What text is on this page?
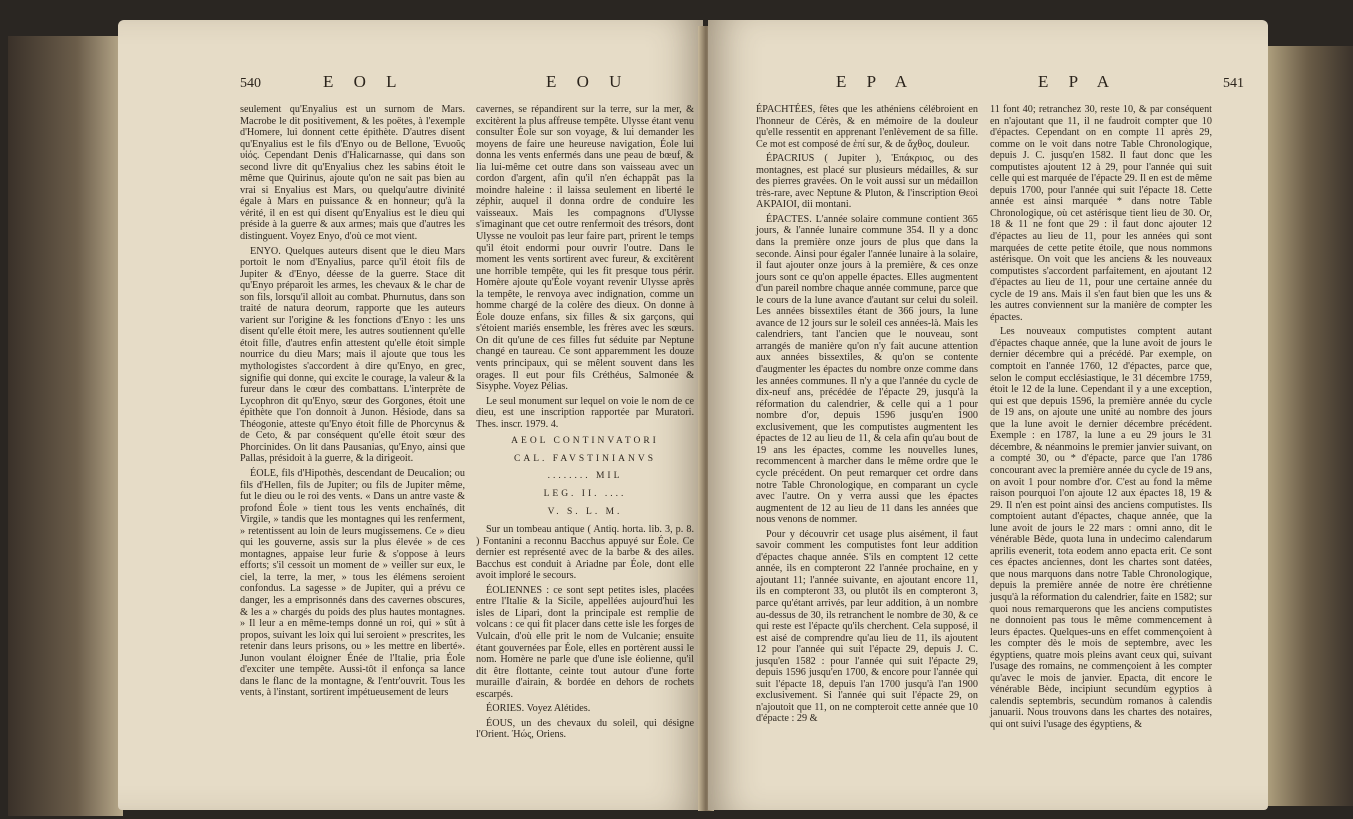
540	E O L	E O U

seulement qu'Enyalius est un surnom de Mars. Macrobe le dit positivement, & les poëtes, à l'exemple d'Homere, lui donnent cette épithète. D'autres disent qu'Enyalius est le fils d'Enyo ou de Bellone, Ἐνυοῦς υἱός. Cependant Denis d'Halicarnasse, qui dans son second livre dit qu'Enyalius chez les sabins étoit le même que Quirinus, ajoute qu'on ne sait pas bien au vrai si Enyalius est Mars, ou quelqu'autre divinité égale à Mars en puissance & en honneur; qu'à la vérité, il en est qui disent qu'Enyalius est le dieu qui préside à la guerre & aux armes; mais que d'autres les distinguent. Voyez Enyo, d'où ce mot vient.

ENYO. Quelques auteurs disent que le dieu Mars portoit le nom d'Enyalius, parce qu'il étoit fils de Jupiter & d'Enyo, déesse de la guerre. Stace dit qu'Enyo préparoit les armes, les chevaux & le char de son fils, lorsqu'il alloit au combat. Phurnutus, dans son traité de natura deorum, rapporte que les auteurs varient sur l'origine & les fonctions d'Enyo : les uns disent qu'elle étoit mere, les autres soutiennent qu'elle étoit fille, d'autres enfin attestent qu'elle étoit simple nourrice du dieu Mars; mais il ajoute que tous les mythologistes s'accordent à dire qu'Enyo, en grec, signifie qui donne, qui excite le courage, la valeur & la fureur dans le cœur des combattans. L'interprète de Lycophron dit qu'Enyo, sœur des Gorgones, étoit une épithète que l'on donnoit à Junon. Hésiode, dans sa Théogonie, atteste qu'Enyo étoit fille de Phorcynus & de Ceto, & par conséquent qu'elle étoit sœur des Phorcinides. On lit dans Pausanias, qu'Enyo, ainsi que Pallas, présidoit à la guerre, & la dirigeoit.

ÉOLE, fils d'Hipothès, descendant de Deucalion; ou fils d'Hellen, fils de Jupiter; ou fils de Jupiter même, fut le dieu ou le roi des vents. « Dans un antre vaste & profond Éole » tient tous les vents enchaînés, dit Virgile, » tandis que les montagnes qui les renferment, » retentissent au loin de leurs mugissemens. Ce » dieu qui les gouverne, assis sur la plus élevée » de ces montagnes, appaise leur furie & s'oppose à leurs efforts; s'il cessoit un moment de » veiller sur eux, le ciel, la terre, la mer, » tous les élémens seroient confondus. La sagesse » de Jupiter, qui a prévu ce danger, les a emprisonnés dans des cavernes obscures, & les a » chargés du poids des plus hautes montagnes. » Il leur a en même-temps donné un roi, qui » sût à propos, suivant les loix qui lui seroient » prescrites, les retenir dans leurs prisons, ou » les mettre en liberté». Junon voulant éloigner Énée de l'Italie, pria Éole d'exciter une tempête. Aussi-tôt il enfonça sa lance dans le flanc de la montagne, & l'entr'ouvrit. Tous les vents, à l'instant, sortirent impétueusement de leurs

cavernes, se répandirent sur la terre, sur la mer, & excitèrent la plus affreuse tempête. Ulysse étant venu consulter Éole sur son voyage, & lui demander les moyens de faire une heureuse navigation, Éole lui donna les vents enfermés dans une peau de bœuf, & lia lui-même cet outre dans son vaisseau avec un cordon d'argent, afin qu'il n'en échappât pas la moindre haleine : il laissa seulement en liberté le zéphir, auquel il donna ordre de conduire les vaisseaux. Mais les compagnons d'Ulysse s'imaginant que cet outre renfermoit des trésors, dont Ulysse ne vouloit pas leur faire part, prirent le temps qu'il étoit endormi pour ouvrir l'outre. Dans le moment les vents sortirent avec fureur, & excitèrent une horrible tempête, qui les fit presque tous périr. Homère ajoute qu'Éole voyant revenir Ulysse après la tempête, le renvoya avec indignation, comme un homme chargé de la colère des dieux. On donne à Éole douze enfans, six filles & six garçons, qui s'étoient mariés ensemble, les frères avec les sœurs. On dit qu'une de ces filles fut séduite par Neptune changé en taureau. Ce sont apparemment les douze vents principaux, qui se mêlent souvent dans les orages. Il eut pour fils Créthéus, Salmonée & Sisyphe. Voyez Pélias.

Le seul monument sur lequel on voie le nom de ce dieu, est une inscription rapportée par Muratori. Thes. inscr. 1979. 4.

AEOL CONTINVATORI
CAL. FAVSTINIANVS
........ MIL
LEG. II. ....
V. S. L. M.

Sur un tombeau antique ( Antiq. horta. lib. 3, p. 8. ) Fontanini a reconnu Bacchus appuyé sur Éole. Ce dernier est représenté avec de la barbe & des ailes. Bacchus est conduit à Ariadne par Éole, dont elle avoit imploré le secours.

ÉOLIENNES : ce sont sept petites isles, placées entre l'Italie & la Sicile, appellées aujourd'hui les isles de Lipari, dont la principale est remplie de volcans : ce qui fit placer dans cette isle les forges de Vulcain, d'où elle prit le nom de Vulcanie; ensuite étant gouvernées par Éole, elles en portèrent aussi le nom. Homère ne parle que d'une isle éolienne, qu'il dit être flottante, ceinte tout autour d'une forte muraille d'airain, & bordée en dehors de rochets escarpés.

ÉORIES. Voyez Alétides.

ÉOUS, un des chevaux du soleil, qui désigne l'Orient. Ἠώς, Oriens.

E P A	E P A	541

ÉPACHTÉES, fêtes que les athéniens célébroient en l'honneur de Cérès, & en mémoire de la douleur qu'elle ressentit en apprenant l'enlèvement de sa fille. Ce mot est composé de ἐπί sur, & de ἄχθος, douleur.

ÉPACRIUS ( Jupiter ), Ἐπάκριος, ou des montagnes, est placé sur plusieurs médailles, & sur des pierres gravées. On le voit aussi sur un médaillon très-rare, avec Neptune & Pluton, & l'inscription Θεοὶ ΑΚΡΑΙΟΙ, dii montani.

ÉPACTES. L'année solaire commune contient 365 jours, & l'année lunaire commune 354. Il y a donc dans la première onze jours de plus que dans la seconde. Ainsi pour égaler l'année lunaire à la solaire, il faut ajouter onze jours à la première, & ces onze jours sont ce qu'on appelle épactes. Elles augmentent d'un pareil nombre chaque année commune, parce que le cours de la lune avance d'autant sur celui du soleil. Les années bissextiles étant de 366 jours, la lune avance de 12 jours sur le soleil ces années-là. Mais les calendriers, tant l'ancien que le nouveau, sont arrangés de manière qu'on n'y fait aucune attention aux années bissextiles, & qu'on se contente d'augmenter les épactes du nombre onze comme dans les années communes. Il n'y a que l'année du cycle de dix-neuf ans, précédée de l'épacte 29, jusqu'à la réformation du calendrier, & celle qui a 1 pour nombre d'or, depuis 1596 jusqu'en 1900 exclusivement, que les computistes augmentent les épactes de 12 au lieu de 11, & cela afin qu'au bout de 19 ans les épactes, comme les nouvelles lunes, recommencent à marcher dans le même ordre que le cycle précédent. On peut remarquer cet ordre dans notre Table Chronologique, en comparant un cycle avec l'autre. On y verra aussi que les épactes augmentent de 12 au lieu de 11 dans les années que nous venons de nommer.

Pour y découvrir cet usage plus aisément, il faut savoir comment les computistes font leur addition d'épactes chaque année. S'ils en comptent 12 cette année, ils en compteront 22 l'année prochaine, en y ajoutant 11; l'année suivante, en ajoutant encore 11, ils en compteront 33, ou plutôt ils en compteront 3, parce qu'étant arrivés, par leur addition, à un nombre au-dessus de 30, ils retranchent le nombre de 30, & ce qui reste est l'épacte qu'ils cherchent. Cela supposé, il est aisé de comprendre qu'au lieu de 11, ils ajoutent 12 pour l'année qui suit l'épacte 29, depuis J. C. jusqu'en 1582 : pour l'année qui suit l'épacte 29, depuis 1596 jusqu'en 1700, & encore pour l'année qui suit l'épacte 18, depuis l'an 1700 jusqu'à l'an 1900 exclusivement. Si l'année qui suit l'épacte 29, on n'ajoutoit que 11, on ne compteroit cette année que 10 d'épacte : 29 &

11 font 40; retranchez 30, reste 10, & par conséquent en n'ajoutant que 11, il ne faudroit compter que 10 d'épactes. Cependant on en compte 11 après 29, comme on le voit dans notre Table Chronologique, depuis J. C. jusqu'en 1582. Il faut donc que les computistes ajoutent 12 à 29, pour l'année qui suit celle qui est marquée de l'épacte 29. Il en est de même depuis 1700, pour l'année qui suit l'épacte 18. Cette année est ainsi marquée * dans notre Table Chronologique, où cet astérisque tient lieu de 30. Or, 18 & 11 ne font que 29 : il faut donc ajouter 12 d'épactes au lieu de 11, pour les années qui sont marquées de cette petite étoile, que nous nommons astérisque. On voit que les anciens & les nouveaux computistes s'accordent parfaitement, en ajoutant 12 d'épactes au lieu de 11, pour une certaine année du cycle de 19 ans. Mais il s'en faut bien que les uns & les autres conviennent sur la manière de compter les épactes.

Les nouveaux computistes comptent autant d'épactes chaque année, que la lune avoit de jours le dernier décembre qui a précédé. Par exemple, on comptoit en l'année 1760, 12 d'épactes, parce que, selon le comput ecclésiastique, le 31 décembre 1759, étoit le 12 de la lune. Cependant il y a une exception, qui est que depuis 1596, la première année du cycle de 19 ans, on ajoute une unité au nombre des jours que la lune avoit le dernier décembre précédent. Exemple : en 1787, la lune a eu 29 jours le 31 décembre, & néanmoins le premier janvier suivant, on a compté 30, ou * d'épacte, parce que l'an 1786 concourant avec la première année du cycle de 19 ans, on avoit 1 pour nombre d'or. C'est au fond la même raison pourquoi l'on ajoute 12 aux épactes 18, 19 & 29. Il n'en est point ainsi des anciens computistes. Ils comptoient autant d'épactes, chaque année, que la lune avoit de jours le 22 mars : omni anno, dit le vénérable Bède, quota luna in undecimo calendarum aprilis evenerit, tota eodem anno epacta erit. Ce sont ces épactes anciennes, dont les chartes sont datées, que nous marquons dans notre Table Chronologique, depuis la première année de notre ère chrétienne jusqu'à la réformation du calendrier, faite en 1582; sur quoi nous remarquerons que les anciens computistes ne donnoient pas tous le même commencement à leurs épactes. Quelques-uns en effet commençoient à les compter dès le mois de septembre, avec les égyptiens, quatre mois pleins avant ceux qui, suivant l'usage des romains, ne commençoient à les compter qu'avec le mois de janvier. Epacta, dit encore le vénérable Bède, incipiunt secundùm egyptios à calendis septembris, secundùm romanos à calendis januarii. Nous trouvons dans les chartes des notaires, qui ont suivi l'usage des égyptiens, &
